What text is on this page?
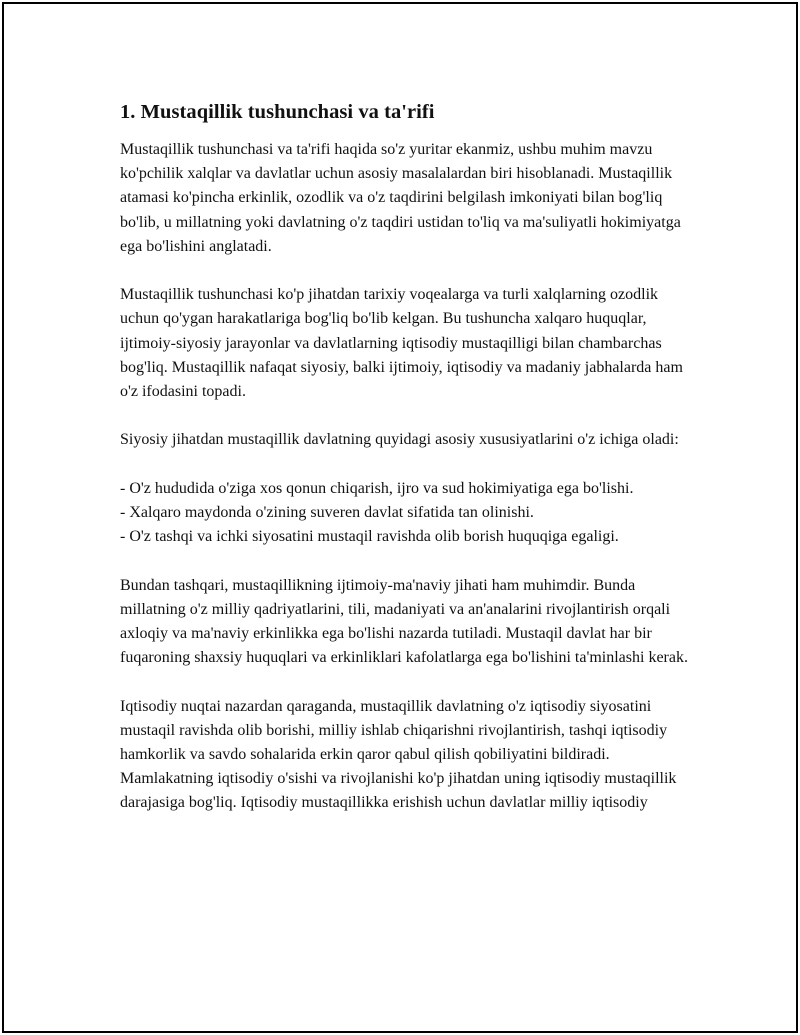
1. Mustaqillik tushunchasi va ta'rifi

Mustaqillik tushunchasi va ta'rifi haqida so'z yuritar ekanmiz, ushbu muhim mavzu ko'pchilik xalqlar va davlatlar uchun asosiy masalalardan biri hisoblanadi. Mustaqillik atamasi ko'pincha erkinlik, ozodlik va o'z taqdirini belgilash imkoniyati bilan bog'liq bo'lib, u millatning yoki davlatning o'z taqdiri ustidan to'liq va ma'suliyatli hokimiyatga ega bo'lishini anglatadi.

Mustaqillik tushunchasi ko'p jihatdan tarixiy voqealarga va turli xalqlarning ozodlik uchun qo'ygan harakatlariga bog'liq bo'lib kelgan. Bu tushuncha xalqaro huquqlar, ijtimoiy-siyosiy jarayonlar va davlatlarning iqtisodiy mustaqilligi bilan chambarchas bog'liq. Mustaqillik nafaqat siyosiy, balki ijtimoiy, iqtisodiy va madaniy jabhalarda ham o'z ifodasini topadi.

Siyosiy jihatdan mustaqillik davlatning quyidagi asosiy xususiyatlarini o'z ichiga oladi:

- O'z hududida o'ziga xos qonun chiqarish, ijro va sud hokimiyatiga ega bo'lishi.
- Xalqaro maydonda o'zining suveren davlat sifatida tan olinishi.
- O'z tashqi va ichki siyosatini mustaqil ravishda olib borish huquqiga egaligi.

Bundan tashqari, mustaqillikning ijtimoiy-ma'naviy jihati ham muhimdir. Bunda millatning o'z milliy qadriyatlarini, tili, madaniyati va an'analarini rivojlantirish orqali axloqiy va ma'naviy erkinlikka ega bo'lishi nazarda tutiladi. Mustaqil davlat har bir fuqaroning shaxsiy huquqlari va erkinliklari kafolatlarga ega bo'lishini ta'minlashi kerak.

Iqtisodiy nuqtai nazardan qaraganda, mustaqillik davlatning o'z iqtisodiy siyosatini mustaqil ravishda olib borishi, milliy ishlab chiqarishni rivojlantirish, tashqi iqtisodiy hamkorlik va savdo sohalarida erkin qaror qabul qilish qobiliyatini bildiradi. Mamlakatning iqtisodiy o'sishi va rivojlanishi ko'p jihatdan uning iqtisodiy mustaqillik darajasiga bog'liq. Iqtisodiy mustaqillikka erishish uchun davlatlar milliy iqtisodiy
